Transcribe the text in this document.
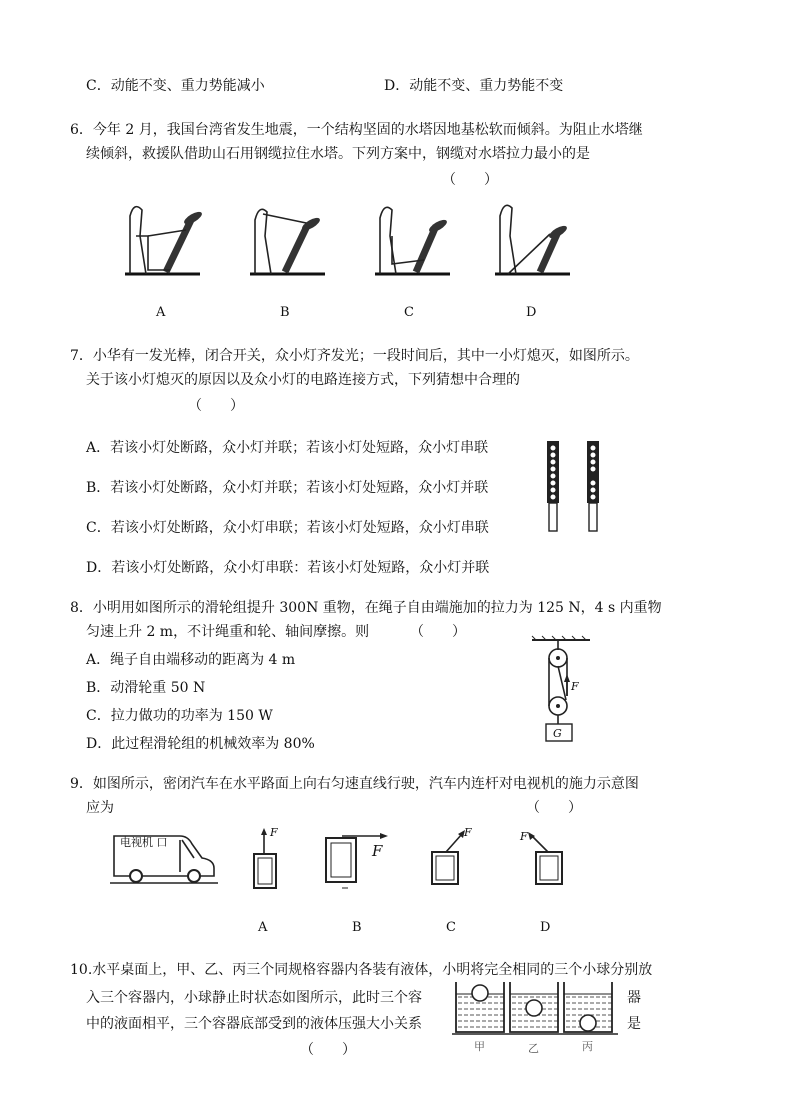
C．动能不变、重力势能减小	D．动能不变、重力势能不变
6．今年 2 月，我国台湾省发生地震，一个结构坚固的水塔因地基松软而倾斜。为阻止水塔继
续倾斜，救援队借助山石用钢缆拉住水塔。下列方案中，钢缆对水塔拉力最小的是
（　　）
A	B	C	D
7．小华有一发光棒，闭合开关，众小灯齐发光；一段时间后，其中一小灯熄灭，如图所示。
关于该小灯熄灭的原因以及众小灯的电路连接方式，下列猜想中合理的
（　　）
A．若该小灯处断路，众小灯并联；若该小灯处短路，众小灯串联
B．若该小灯处断路，众小灯并联；若该小灯处短路，众小灯并联
C．若该小灯处断路，众小灯串联；若该小灯处短路，众小灯串联
D．若该小灯处断路，众小灯串联：若该小灯处短路，众小灯并联
8．小明用如图所示的滑轮组提升 300N 重物，在绳子自由端施加的拉力为 125 N，4 s 内重物
匀速上升 2 m，不计绳重和轮、轴间摩擦。则	（　　）
A．绳子自由端移动的距离为 4 m
B．动滑轮重 50 N
C．拉力做功的功率为 150 W
D．此过程滑轮组的机械效率为 80%
F
G
9．如图所示，密闭汽车在水平路面上向右匀速直线行驶，汽车内连杆对电视机的施力示意图
应为	（　　）
电视机 口
F
F
F	F
A	B	C	D
10.水平桌面上，甲、乙、丙三个同规格容器内各装有液体，小明将完全相同的三个小球分别放
入三个容器内，小球静止时状态如图所示，此时三个容	器
中的液面相平，三个容器底部受到的液体压强大小关系	是
（　　）	甲	乙	丙
